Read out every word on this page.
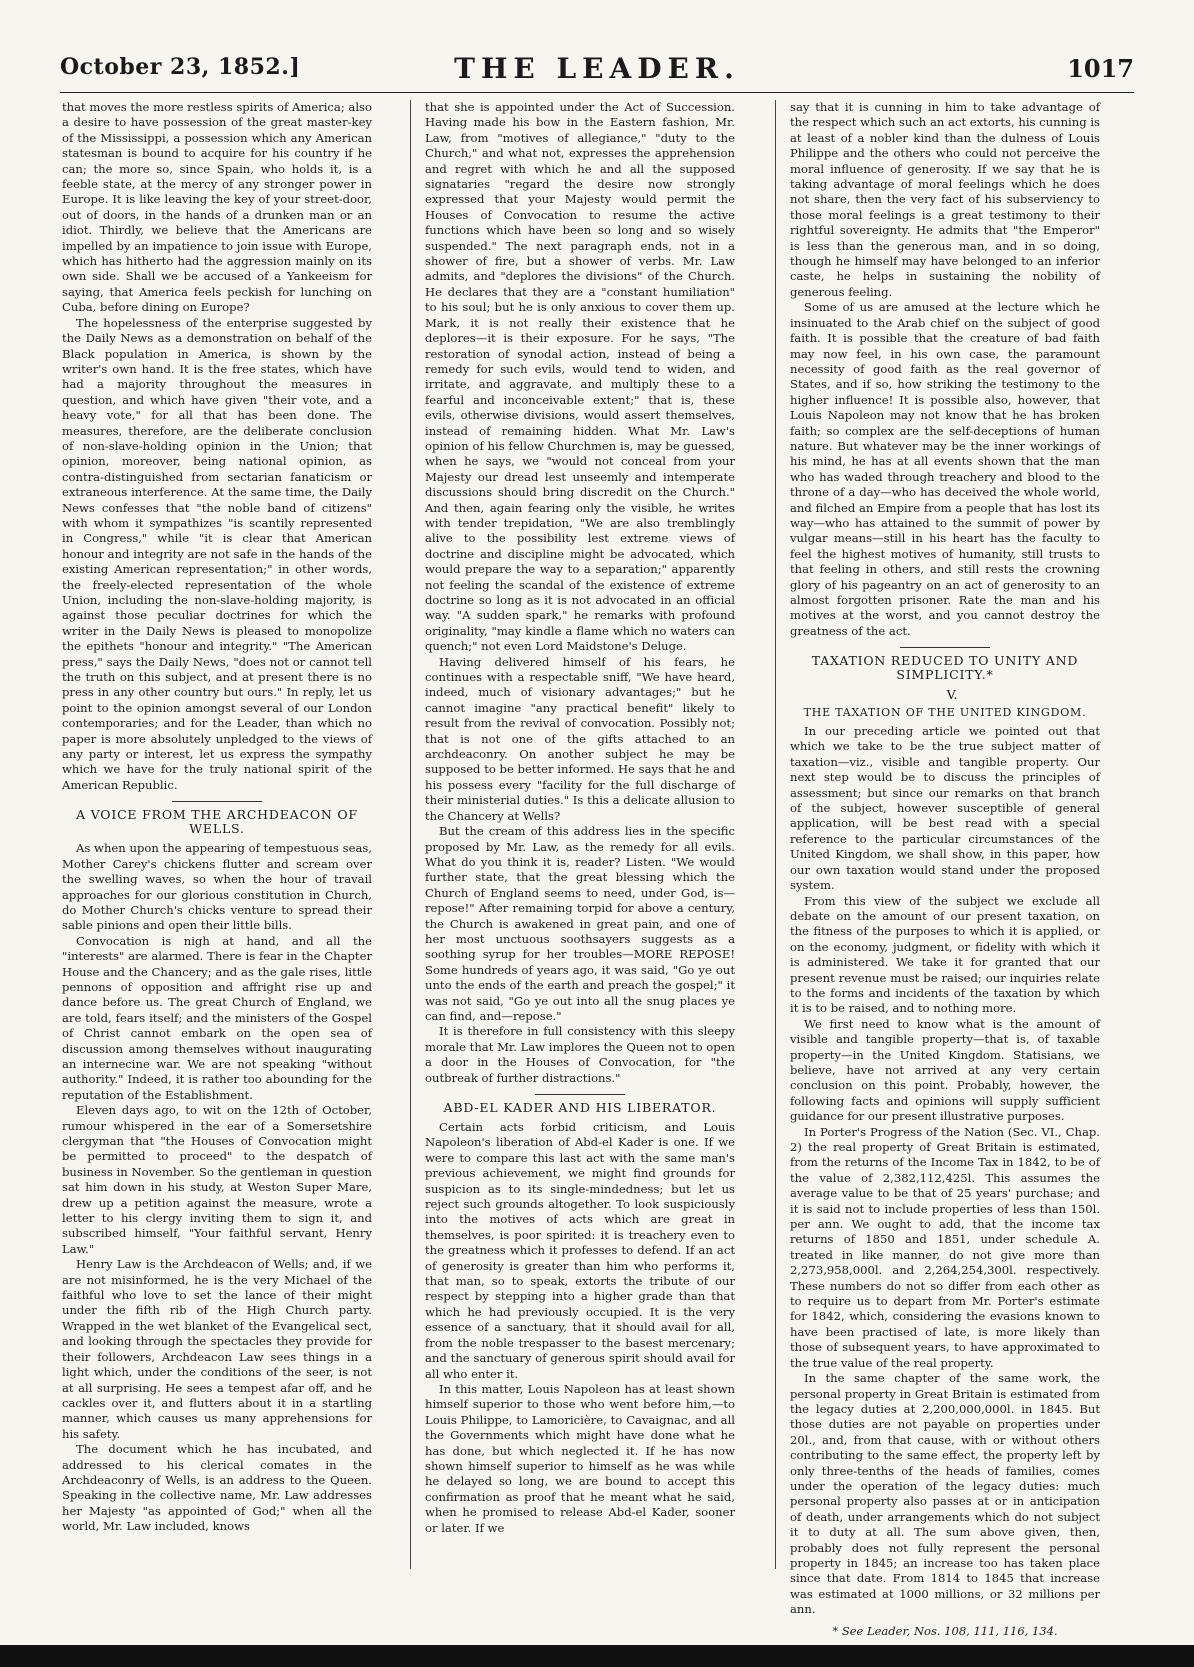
October 23, 1852.]	THE LEADER.	1017

that moves the more restless spirits of America; also a desire to have possession of the great master-key of the Mississippi, a possession which any American statesman is bound to acquire for his country if he can; the more so, since Spain, who holds it, is a feeble state, at the mercy of any stronger power in Europe. It is like leaving the key of your street-door, out of doors, in the hands of a drunken man or an idiot. Thirdly, we believe that the Americans are impelled by an impatience to join issue with Europe, which has hitherto had the aggression mainly on its own side. Shall we be accused of a Yankeeism for saying, that America feels peckish for lunching on Cuba, before dining on Europe?

The hopelessness of the enterprise suggested by the Daily News as a demonstration on behalf of the Black population in America, is shown by the writer's own hand. It is the free states, which have had a majority throughout the measures in question, and which have given "their vote, and a heavy vote," for all that has been done. The measures, therefore, are the deliberate conclusion of non-slave-holding opinion in the Union; that opinion, moreover, being national opinion, as contra-distinguished from sectarian fanaticism or extraneous interference. At the same time, the Daily News confesses that "the noble band of citizens" with whom it sympathizes "is scantily represented in Congress," while "it is clear that American honour and integrity are not safe in the hands of the existing American representation;" in other words, the freely-elected representation of the whole Union, including the non-slave-holding majority, is against those peculiar doctrines for which the writer in the Daily News is pleased to monopolize the epithets "honour and integrity." "The American press," says the Daily News, "does not or cannot tell the truth on this subject, and at present there is no press in any other country but ours." In reply, let us point to the opinion amongst several of our London contemporaries; and for the Leader, than which no paper is more absolutely unpledged to the views of any party or interest, let us express the sympathy which we have for the truly national spirit of the American Republic.

A VOICE FROM THE ARCHDEACON OF WELLS.

As when upon the appearing of tempestuous seas, Mother Carey's chickens flutter and scream over the swelling waves, so when the hour of travail approaches for our glorious constitution in Church, do Mother Church's chicks venture to spread their sable pinions and open their little bills.

Convocation is nigh at hand, and all the "interests" are alarmed. There is fear in the Chapter House and the Chancery; and as the gale rises, little pennons of opposition and affright rise up and dance before us. The great Church of England, we are told, fears itself; and the ministers of the Gospel of Christ cannot embark on the open sea of discussion among themselves without inaugurating an internecine war. We are not speaking "without authority." Indeed, it is rather too abounding for the reputation of the Establishment.

Eleven days ago, to wit on the 12th of October, rumour whispered in the ear of a Somersetshire clergyman that "the Houses of Convocation might be permitted to proceed" to the despatch of business in November. So the gentleman in question sat him down in his study, at Weston Super Mare, drew up a petition against the measure, wrote a letter to his clergy inviting them to sign it, and subscribed himself, "Your faithful servant, Henry Law."

Henry Law is the Archdeacon of Wells; and, if we are not misinformed, he is the very Michael of the faithful who love to set the lance of their might under the fifth rib of the High Church party. Wrapped in the wet blanket of the Evangelical sect, and looking through the spectacles they provide for their followers, Archdeacon Law sees things in a light which, under the conditions of the seer, is not at all surprising. He sees a tempest afar off, and he cackles over it, and flutters about it in a startling manner, which causes us many apprehensions for his safety.

The document which he has incubated, and addressed to his clerical comates in the Archdeaconry of Wells, is an address to the Queen. Speaking in the collective name, Mr. Law addresses her Majesty "as appointed of God;" when all the world, Mr. Law included, knows

that she is appointed under the Act of Succession. Having made his bow in the Eastern fashion, Mr. Law, from "motives of allegiance," "duty to the Church," and what not, expresses the apprehension and regret with which he and all the supposed signataries "regard the desire now strongly expressed that your Majesty would permit the Houses of Convocation to resume the active functions which have been so long and so wisely suspended." The next paragraph ends, not in a shower of fire, but a shower of verbs. Mr. Law admits, and "deplores the divisions" of the Church. He declares that they are a "constant humiliation" to his soul; but he is only anxious to cover them up. Mark, it is not really their existence that he deplores—it is their exposure. For he says, "The restoration of synodal action, instead of being a remedy for such evils, would tend to widen, and irritate, and aggravate, and multiply these to a fearful and inconceivable extent;" that is, these evils, otherwise divisions, would assert themselves, instead of remaining hidden. What Mr. Law's opinion of his fellow Churchmen is, may be guessed, when he says, we "would not conceal from your Majesty our dread lest unseemly and intemperate discussions should bring discredit on the Church." And then, again fearing only the visible, he writes with tender trepidation, "We are also tremblingly alive to the possibility lest extreme views of doctrine and discipline might be advocated, which would prepare the way to a separation;" apparently not feeling the scandal of the existence of extreme doctrine so long as it is not advocated in an official way. "A sudden spark," he remarks with profound originality, "may kindle a flame which no waters can quench;" not even Lord Maidstone's Deluge.

Having delivered himself of his fears, he continues with a respectable sniff, "We have heard, indeed, much of visionary advantages;" but he cannot imagine "any practical benefit" likely to result from the revival of convocation. Possibly not; that is not one of the gifts attached to an archdeaconry. On another subject he may be supposed to be better informed. He says that he and his possess every "facility for the full discharge of their ministerial duties." Is this a delicate allusion to the Chancery at Wells?

But the cream of this address lies in the specific proposed by Mr. Law, as the remedy for all evils. What do you think it is, reader? Listen. "We would further state, that the great blessing which the Church of England seems to need, under God, is—repose!" After remaining torpid for above a century, the Church is awakened in great pain, and one of her most unctuous soothsayers suggests as a soothing syrup for her troubles—MORE REPOSE! Some hundreds of years ago, it was said, "Go ye out unto the ends of the earth and preach the gospel;" it was not said, "Go ye out into all the snug places ye can find, and—repose."

It is therefore in full consistency with this sleepy morale that Mr. Law implores the Queen not to open a door in the Houses of Convocation, for "the outbreak of further distractions."

ABD-EL KADER AND HIS LIBERATOR.

Certain acts forbid criticism, and Louis Napoleon's liberation of Abd-el Kader is one. If we were to compare this last act with the same man's previous achievement, we might find grounds for suspicion as to its single-mindedness; but let us reject such grounds altogether. To look suspiciously into the motives of acts which are great in themselves, is poor spirited: it is treachery even to the greatness which it professes to defend. If an act of generosity is greater than him who performs it, that man, so to speak, extorts the tribute of our respect by stepping into a higher grade than that which he had previously occupied. It is the very essence of a sanctuary, that it should avail for all, from the noble trespasser to the basest mercenary; and the sanctuary of generous spirit should avail for all who enter it.

In this matter, Louis Napoleon has at least shown himself superior to those who went before him,—to Louis Philippe, to Lamoricière, to Cavaignac, and all the Governments which might have done what he has done, but which neglected it. If he has now shown himself superior to himself as he was while he delayed so long, we are bound to accept this confirmation as proof that he meant what he said, when he promised to release Abd-el Kader, sooner or later. If we

say that it is cunning in him to take advantage of the respect which such an act extorts, his cunning is at least of a nobler kind than the dulness of Louis Philippe and the others who could not perceive the moral influence of generosity. If we say that he is taking advantage of moral feelings which he does not share, then the very fact of his subserviency to those moral feelings is a great testimony to their rightful sovereignty. He admits that "the Emperor" is less than the generous man, and in so doing, though he himself may have belonged to an inferior caste, he helps in sustaining the nobility of generous feeling.

Some of us are amused at the lecture which he insinuated to the Arab chief on the subject of good faith. It is possible that the creature of bad faith may now feel, in his own case, the paramount necessity of good faith as the real governor of States, and if so, how striking the testimony to the higher influence! It is possible also, however, that Louis Napoleon may not know that he has broken faith; so complex are the self-deceptions of human nature. But whatever may be the inner workings of his mind, he has at all events shown that the man who has waded through treachery and blood to the throne of a day—who has deceived the whole world, and filched an Empire from a people that has lost its way—who has attained to the summit of power by vulgar means—still in his heart has the faculty to feel the highest motives of humanity, still trusts to that feeling in others, and still rests the crowning glory of his pageantry on an act of generosity to an almost forgotten prisoner. Rate the man and his motives at the worst, and you cannot destroy the greatness of the act.

TAXATION REDUCED TO UNITY AND SIMPLICITY.*

V.

THE TAXATION OF THE UNITED KINGDOM.

In our preceding article we pointed out that which we take to be the true subject matter of taxation—viz., visible and tangible property. Our next step would be to discuss the principles of assessment; but since our remarks on that branch of the subject, however susceptible of general application, will be best read with a special reference to the particular circumstances of the United Kingdom, we shall show, in this paper, how our own taxation would stand under the proposed system.

From this view of the subject we exclude all debate on the amount of our present taxation, on the fitness of the purposes to which it is applied, or on the economy, judgment, or fidelity with which it is administered. We take it for granted that our present revenue must be raised; our inquiries relate to the forms and incidents of the taxation by which it is to be raised, and to nothing more.

We first need to know what is the amount of visible and tangible property—that is, of taxable property—in the United Kingdom. Statisians, we believe, have not arrived at any very certain conclusion on this point. Probably, however, the following facts and opinions will supply sufficient guidance for our present illustrative purposes.

In Porter's Progress of the Nation (Sec. VI., Chap. 2) the real property of Great Britain is estimated, from the returns of the Income Tax in 1842, to be of the value of 2,382,112,425l. This assumes the average value to be that of 25 years' purchase; and it is said not to include properties of less than 150l. per ann. We ought to add, that the income tax returns of 1850 and 1851, under schedule A. treated in like manner, do not give more than 2,273,958,000l. and 2,264,254,300l. respectively. These numbers do not so differ from each other as to require us to depart from Mr. Porter's estimate for 1842, which, considering the evasions known to have been practised of late, is more likely than those of subsequent years, to have approximated to the true value of the real property.

In the same chapter of the same work, the personal property in Great Britain is estimated from the legacy duties at 2,200,000,000l. in 1845. But those duties are not payable on properties under 20l., and, from that cause, with or without others contributing to the same effect, the property left by only three-tenths of the heads of families, comes under the operation of the legacy duties: much personal property also passes at or in anticipation of death, under arrangements which do not subject it to duty at all. The sum above given, then, probably does not fully represent the personal property in 1845; an increase too has taken place since that date. From 1814 to 1845 that increase was estimated at 1000 millions, or 32 millions per ann.

* See Leader, Nos. 108, 111, 116, 134.
